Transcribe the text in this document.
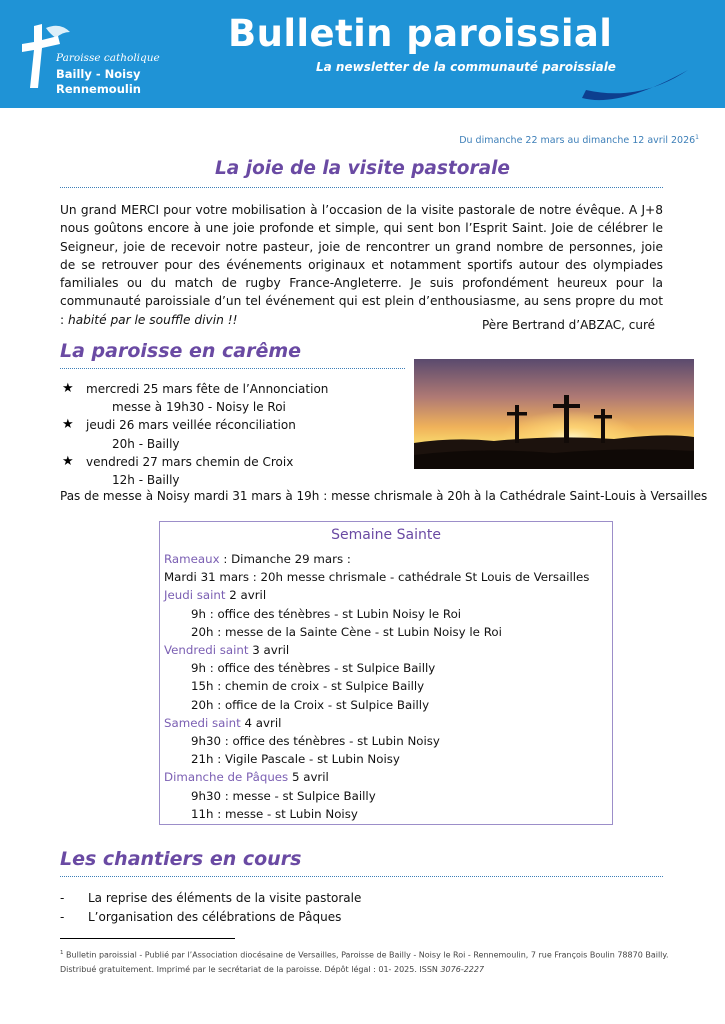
Paroisse catholique
Bailly - Noisy
Rennemoulin
Bulletin paroissial
La newsletter de la communauté paroissiale
Du dimanche 22 mars au dimanche 12 avril 2026$^1$
La joie de la visite pastorale
Un grand MERCI pour votre mobilisation à l’occasion de la visite pastorale de notre évêque. A J+8 nous goûtons encore à une joie profonde et simple, qui sent bon l’Esprit Saint. Joie de célébrer le Seigneur, joie de recevoir notre pasteur, joie de rencontrer un grand nombre de personnes, joie de se retrouver pour des événements originaux et notamment sportifs autour des olympiades familiales ou du match de rugby France-Angleterre. Je suis profondément heureux pour la communauté paroissiale d’un tel événement qui est plein d’enthousiasme, au sens propre du mot : habité par le souffle divin !!	Père Bertrand d’ABZAC, curé
La paroisse en carême
★	mercredi 25 mars fête de l’Annonciation
messe à 19h30 - Noisy le Roi
★	jeudi 26 mars veillée réconciliation
20h - Bailly
★	vendredi 27 mars chemin de Croix
12h - Bailly
Pas de messe à Noisy mardi 31 mars à 19h : messe chrismale à 20h à la Cathédrale Saint-Louis à Versailles
Semaine Sainte
Rameaux : Dimanche 29 mars :
Mardi 31 mars : 20h messe chrismale - cathédrale St Louis de Versailles
Jeudi saint 2 avril
9h : office des ténèbres - st Lubin Noisy le Roi
20h : messe de la Sainte Cène - st Lubin Noisy le Roi
Vendredi saint 3 avril
9h : office des ténèbres - st Sulpice Bailly
15h : chemin de croix - st Sulpice Bailly
20h : office de la Croix - st Sulpice Bailly
Samedi saint 4 avril
9h30 : office des ténèbres - st Lubin Noisy
21h : Vigile Pascale - st Lubin Noisy
Dimanche de Pâques 5 avril
9h30 : messe - st Sulpice Bailly
11h : messe - st Lubin Noisy
Les chantiers en cours
-	La reprise des éléments de la visite pastorale
-	L’organisation des célébrations de Pâques
$^1$ Bulletin paroissial - Publié par l’Association diocésaine de Versailles, Paroisse de Bailly - Noisy le Roi - Rennemoulin, 7 rue François Boulin 78870 Bailly.
Distribué gratuitement. Imprimé par le secrétariat de la paroisse. Dépôt légal : 01- 2025. ISSN 3076-2227
